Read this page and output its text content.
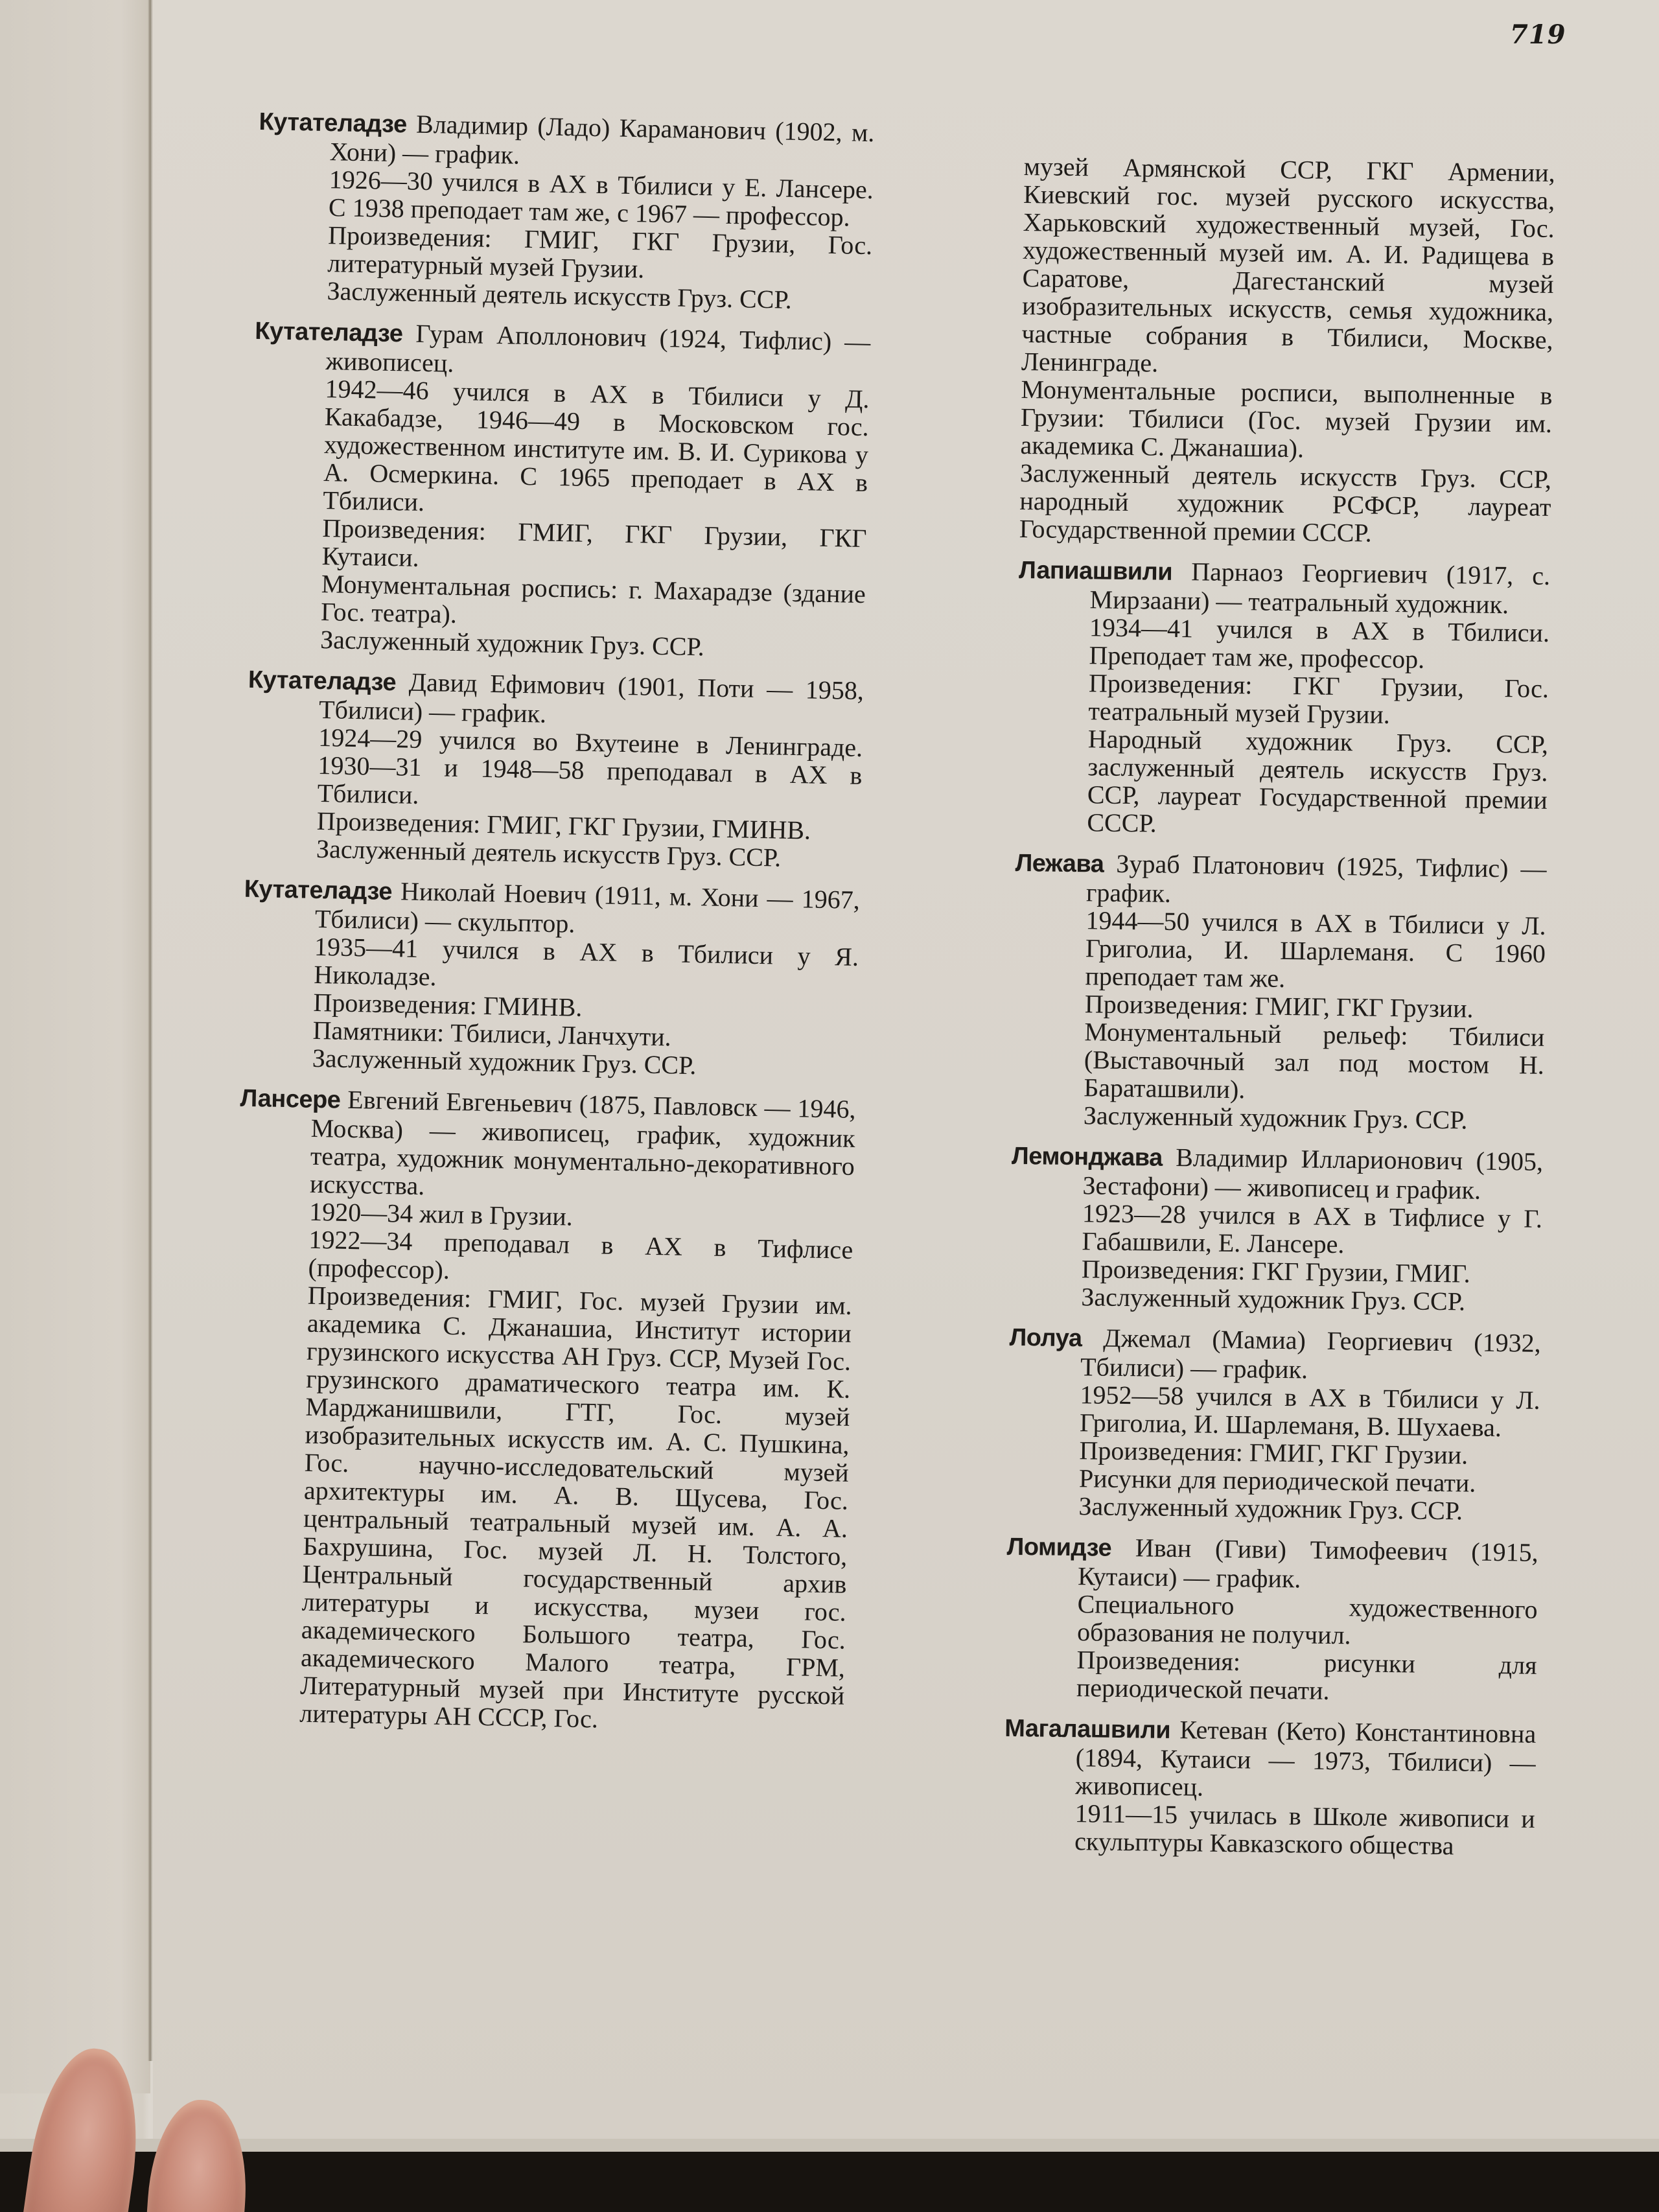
719

Кутателадзе Владимир (Ладо) Караманович (1902, м. Хони) — график.

1926—30 учился в АХ в Тбилиси у Е. Лансере. С 1938 преподает там же, с 1967 — профессор.

Произведения: ГМИГ, ГКГ Грузии, Гос. литературный музей Грузии.

Заслуженный деятель искусств Груз. ССР.

Кутателадзе Гурам Аполлонович (1924, Тифлис) — живописец.

1942—46 учился в АХ в Тбилиси у Д. Какабадзе, 1946—49 в Московском гос. художественном институте им. В. И. Сурикова у А. Осмеркина. С 1965 преподает в АХ в Тбилиси.

Произведения: ГМИГ, ГКГ Грузии, ГКГ Кутаиси.

Монументальная роспись: г. Махарадзе (здание Гос. театра).

Заслуженный художник Груз. ССР.

Кутателадзе Давид Ефимович (1901, Поти — 1958, Тбилиси) — график.

1924—29 учился во Вхутеине в Ленинграде. 1930—31 и 1948—58 преподавал в АХ в Тбилиси.

Произведения: ГМИГ, ГКГ Грузии, ГМИНВ.

Заслуженный деятель искусств Груз. ССР.

Кутателадзе Николай Ноевич (1911, м. Хони — 1967, Тбилиси) — скульптор.

1935—41 учился в АХ в Тбилиси у Я. Николадзе.

Произведения: ГМИНВ.

Памятники: Тбилиси, Ланчхути.

Заслуженный художник Груз. ССР.

Лансере Евгений Евгеньевич (1875, Павловск — 1946, Москва) — живописец, график, художник театра, художник монументально-декоративного искусства.

1920—34 жил в Грузии.

1922—34 преподавал в АХ в Тифлисе (профессор).

Произведения: ГМИГ, Гос. музей Грузии им. академика С. Джанашиа, Институт истории грузинского искусства АН Груз. ССР, Музей Гос. грузинского драматического театра им. К. Марджанишвили, ГТГ, Гос. музей изобразительных искусств им. А. С. Пушкина, Гос. научно-исследовательский музей архитектуры им. А. В. Щусева, Гос. центральный театральный музей им. А. А. Бахрушина, Гос. музей Л. Н. Толстого, Центральный государственный архив литературы и искусства, музеи гос. академического Большого театра, Гос. академического Малого театра, ГРМ, Литературный музей при Институте русской литературы АН СССР, Гос.

музей Армянской ССР, ГКГ Армении, Киевский гос. музей русского искусства, Харьковский художественный музей, Гос. художественный музей им. А. И. Радищева в Саратове, Дагестанский музей изобразительных искусств, семья художника, частные собрания в Тбилиси, Москве, Ленинграде.

Монументальные росписи, выполненные в Грузии: Тбилиси (Гос. музей Грузии им. академика С. Джанашиа).

Заслуженный деятель искусств Груз. ССР, народный художник РСФСР, лауреат Государственной премии СССР.

Лапиашвили Парнаоз Георгиевич (1917, с. Мирзаани) — театральный художник.

1934—41 учился в АХ в Тбилиси. Преподает там же, профессор.

Произведения: ГКГ Грузии, Гос. театральный музей Грузии.

Народный художник Груз. ССР, заслуженный деятель искусств Груз. ССР, лауреат Государственной премии СССР.

Лежава Зураб Платонович (1925, Тифлис) — график.

1944—50 учился в АХ в Тбилиси у Л. Григолиа, И. Шарлеманя. С 1960 преподает там же.

Произведения: ГМИГ, ГКГ Грузии.

Монументальный рельеф: Тбилиси (Выставочный зал под мостом Н. Бараташвили).

Заслуженный художник Груз. ССР.

Лемонджава Владимир Илларионович (1905, Зестафони) — живописец и график.

1923—28 учился в АХ в Тифлисе у Г. Габашвили, Е. Лансере.

Произведения: ГКГ Грузии, ГМИГ.

Заслуженный художник Груз. ССР.

Лолуа Джемал (Мамиа) Георгиевич (1932, Тбилиси) — график.

1952—58 учился в АХ в Тбилиси у Л. Григолиа, И. Шарлеманя, В. Шухаева.

Произведения: ГМИГ, ГКГ Грузии.

Рисунки для периодической печати.

Заслуженный художник Груз. ССР.

Ломидзе Иван (Гиви) Тимофеевич (1915, Кутаиси) — график.

Специального художественного образования не получил.

Произведения: рисунки для периодической печати.

Магалашвили Кетеван (Кето) Константиновна (1894, Кутаиси — 1973, Тбилиси) — живописец.

1911—15 училась в Школе живописи и скульптуры Кавказского общества
